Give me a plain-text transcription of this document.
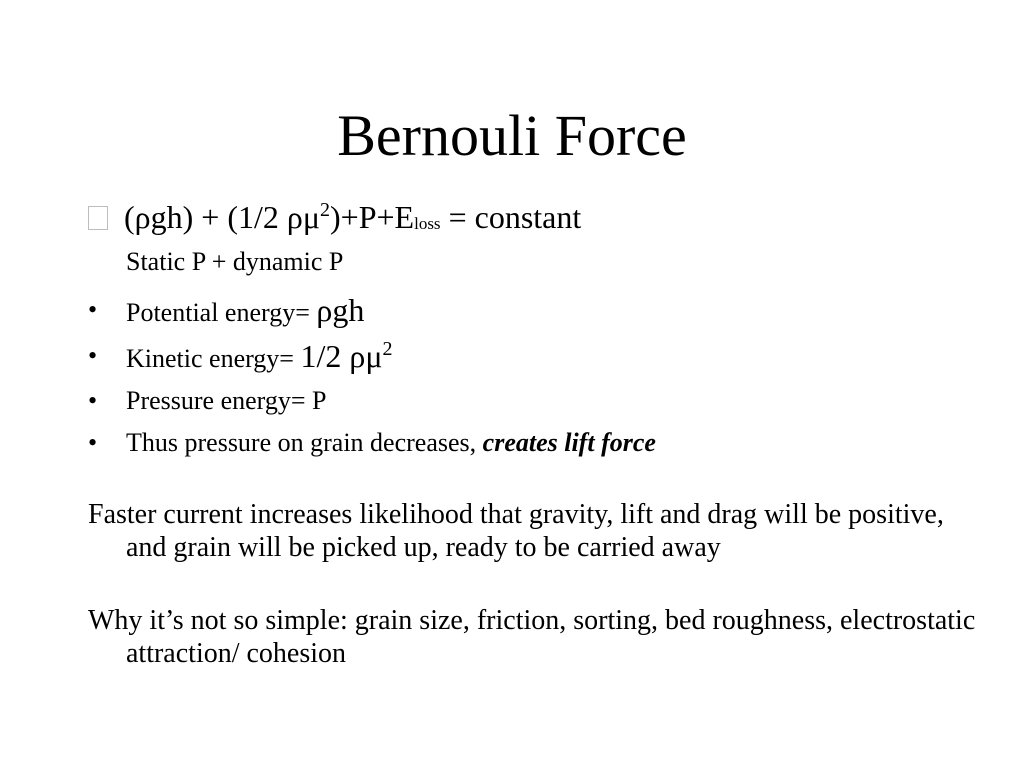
Bernouli Force
(ρgh) + (1/2 $\rho\mu^2)+P+Eloss$ = constant
Static P + dynamic P
• Potential energy= ρgh
• Kinetic energy= 1/2 $\rho\mu^2$
• Pressure energy= P
• Thus pressure on grain decreases, creates lift force

Faster current increases likelihood that gravity, lift and drag will be positive, and grain will be picked up, ready to be carried away

Why it’s not so simple: grain size, friction, sorting, bed roughness, electrostatic attraction/ cohesion
